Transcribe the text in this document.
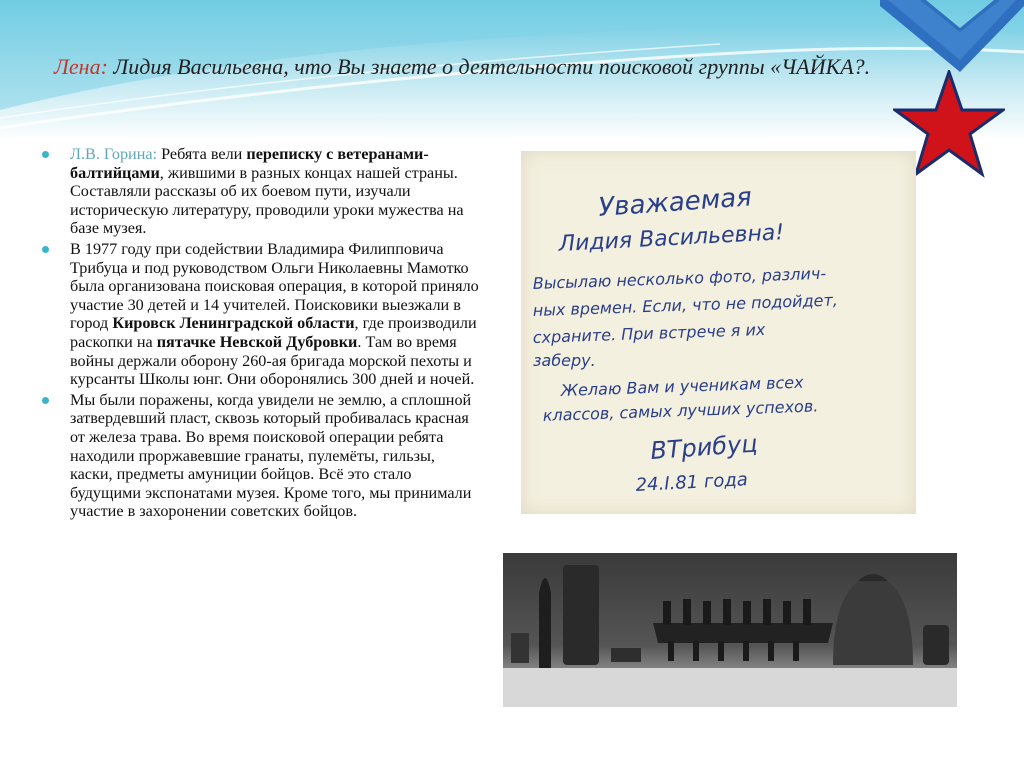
Лена: Лидия Васильевна, что Вы знаете о деятельности поисковой группы «ЧАЙКА?.
Л.В. Горина: Ребята вели переписку с ветеранами-балтийцами, жившими в разных концах нашей страны. Составляли рассказы об их боевом пути, изучали историческую литературу, проводили уроки мужества на базе музея.
В 1977 году при содействии Владимира Филипповича Трибуца и под руководством Ольги Николаевны Мамотко была организована поисковая операция, в которой приняло участие 30 детей и 14 учителей. Поисковики выезжали в город Кировск Ленинградской области, где производили раскопки на пятачке Невской Дубровки. Там во время войны держали оборону 260-ая бригада морской пехоты и курсанты Школы юнг. Они оборонялись 300 дней и ночей.
Мы были поражены, когда увидели не землю, а сплошной затвердевший пласт, сквозь который пробивалась красная от железа трава. Во время поисковой операции ребята находили проржавевшие гранаты, пулемёты, гильзы, каски, предметы амуниции бойцов. Всё это стало будущими экспонатами музея. Кроме того, мы принимали участие в захоронении советских бойцов.
Уважаемая
Лидия Васильевна!
Высылаю несколько фото, различ-
ных времен. Если, что не подойдет,
схраните. При встрече я их
заберу.
Желаю Вам и ученикам всех
классов, самых лучших успехов.
ВТрибуц
24.I.81 года
